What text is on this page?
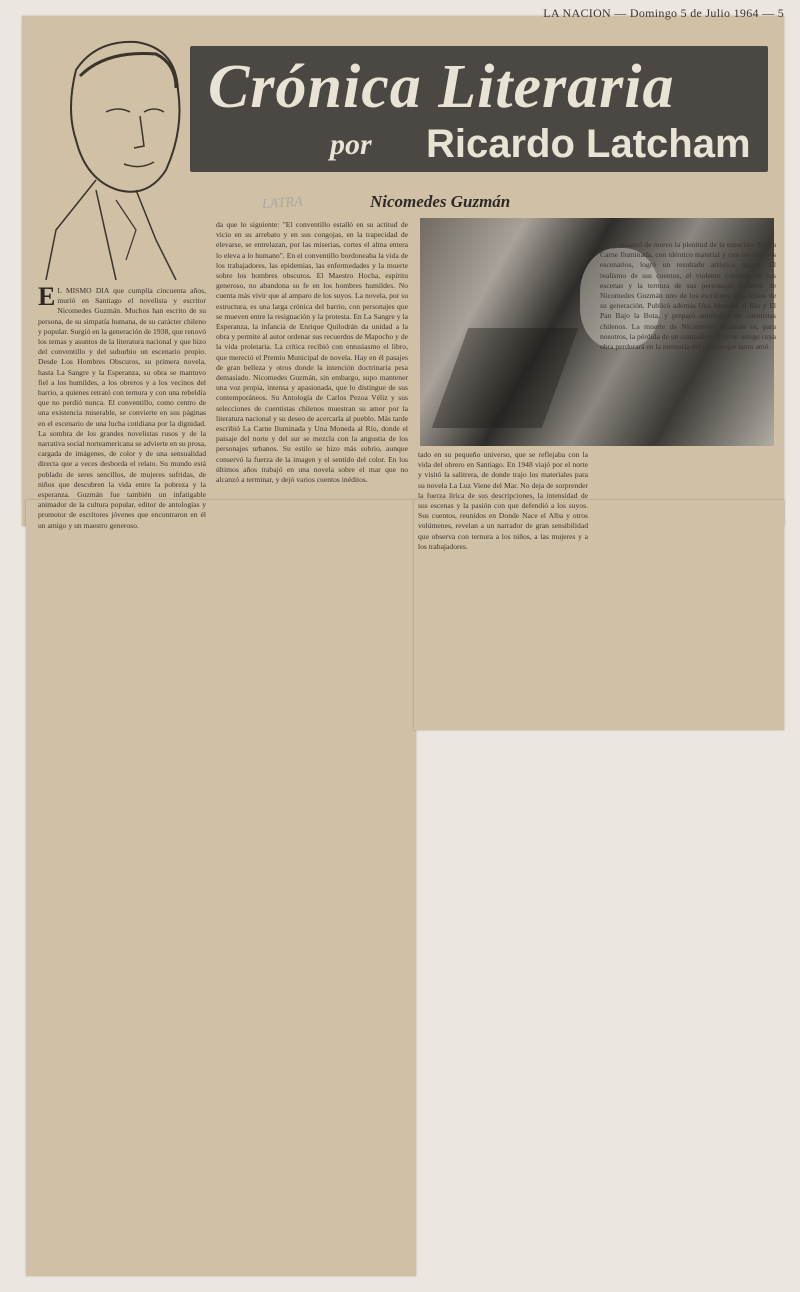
LA NACION — Domingo 5 de Julio 1964 — 5
Crónica Literaria
por Ricardo Latcham
LATRA	Nicomedes Guzmán
E L MISMO DIA que cumplía cincuenta años, murió en Santiago el novelista y escritor Nicomedes Guzmán. Muchos han escrito de su persona, de su simpatía humana, de su carácter chileno y popular. Surgió en la generación de 1938, que renovó los temas y asuntos de la literatura nacional y que hizo del conventillo y del suburbio un escenario propio. Desde Los Hombres Obscuros, su primera novela, hasta La Sangre y la Esperanza, su obra se mantuvo fiel a los humildes, a los obreros y a los vecinos del barrio, a quienes retrató con ternura y con una rebeldía que no perdió nunca. El conventillo, como centro de una existencia miserable, se convierte en sus páginas en el escenario de una lucha cotidiana por la dignidad. La sombra de los grandes novelistas rusos y de la narrativa social norteamericana se advierte en su prosa, cargada de imágenes, de color y de una sensualidad directa que a veces desborda el relato. Su mundo está poblado de seres sencillos, de mujeres sufridas, de niños que descubren la vida entre la pobreza y la esperanza. Guzmán fue también un infatigable animador de la cultura popular, editor de antologías y promotor de escritores jóvenes que encontraron en él un amigo y un maestro generoso.
da que lo siguiente: "El conventillo estalló en su actitud de vicio en su arrebato y en sus congojas, en la trapecidad de elevarse, se entrelazan, por las miserias, cortes el alma entera lo eleva a lo humano". En el conventillo bordoneaba la vida de los trabajadores, las epidemias, las enfermedades y la muerte sobre los hombres obscuros. El Maestro Hocha, espíritu generoso, no abandona su fe en los hombres humildes. No cuenta más vivir que al amparo de los suyos. La novela, por su estructura, es una larga crónica del barrio, con personajes que se mueven entre la resignación y la protesta. En La Sangre y la Esperanza, la infancia de Enrique Quilodrán da unidad a la obra y permite al autor ordenar sus recuerdos de Mapocho y de la vida proletaria. La crítica recibió con entusiasmo el libro, que mereció el Premio Municipal de novela. Hay en él pasajes de gran belleza y otros donde la intención doctrinaria pesa demasiado. Nicomedes Guzmán, sin embargo, supo mantener una voz propia, intensa y apasionada, que lo distingue de sus contemporáneos. Su Antología de Carlos Pezoa Véliz y sus selecciones de cuentistas chilenos muestran su amor por la literatura nacional y su deseo de acercarla al pueblo. Más tarde escribió La Carne Iluminada y Una Moneda al Río, donde el paisaje del norte y del sur se mezcla con la angustia de los personajes urbanos. Su estilo se hizo más sobrio, aunque conservó la fuerza de la imagen y el sentido del color. En los últimos años trabajó en una novela sobre el mar que no alcanzó a terminar, y dejó varios cuentos inéditos.
tado en su pequeño universo, que se reflejaba con la vida del obrero en Santiago. En 1948 viajó por el norte y visitó la salitrera, de donde trajo los materiales para su novela La Luz Viene del Mar. No deja de sorprender la fuerza lírica de sus descripciones, la intensidad de sus escenas y la pasión con que defendió a los suyos. Sus cuentos, reunidos en Donde Nace el Alba y otros volúmenes, revelan a un narrador de gran sensibilidad que observa con ternura a los niños, a las mujeres y a los trabajadores.
pos y alcanzó de nuevo la plenitud de la emoción. En La Carne Iluminada, con idéntico material y con los mismos escenarios, logró un resultado artístico mayor. El realismo de sus cuentos, el violento colorido de sus escenas y la ternura de sus personajes hicieron de Nicomedes Guzmán uno de los escritores más leídos de su generación. Publicó además Una Moneda al Río y El Pan Bajo la Bota, y preparó antologías de cuentistas chilenos. La muerte de Nicomedes Guzmán es, para nosotros, la pérdida de un compañero y de un amigo cuya obra perdurará en la memoria del pueblo que tanto amó.
